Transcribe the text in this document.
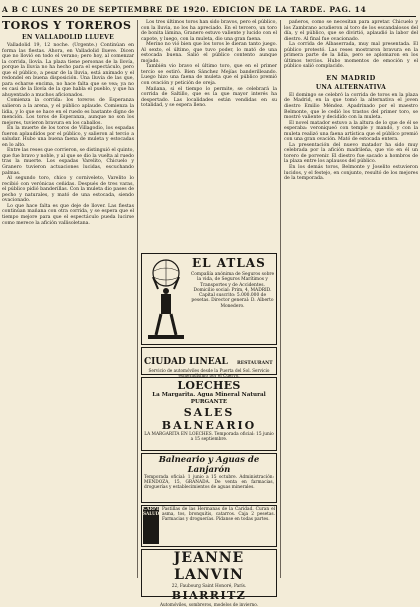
A B C LUNES 20 DE SEPTIEMBRE DE 1920. EDICION DE LA TARDE. PAG. 14
TOROS Y TOREROS
EN VALLADOLID LLUEVE

Valladolid 19, 12 noche. (Urgente.) Continúan en forma las fiestas. Ahora, en Valladolid llueve. Dicen que no llovió en todo el verano; pero hoy, al comenzar la corrida, llovía. La plaza tiene personas de la llovía, porque la lluvia no ha hecho para el espectáculo, pero que el público, a pesar de la lluvia, está animado y el redondel en buena disposición. Una lluvia de las que, para echarse encima, no hace falta que se vea; ya no es casi de la llovía de la que habla el pueblo, y que ha ahuyentado a muchos aficionados.

Comienza la corrida: los toreros de Esperanza salieron a la arena, y el público aplaude. Comienza la lidia, y lo que se hace en el ruedo es bastante digno de mención. Los toros de Esperanza, aunque no son los mejores, tuvieron bravura en los caballos.

En la muerte de los toros de Villagodio, los espadas fueron aplaudidos por el público, y salieron al tercio a saludar. Hubo una buena faena de muleta y estocadas en lo alto.

Entre las reses que corrieron, se distinguió el quinto, que fue bravo y noble, y al que se dio la vuelta al ruedo tras la muerte. Los espadas Varelito, Chicuelo y Granero tuvieron actuaciones lucidas, escuchando palmas.

Al segundo toro, chico y corniveleto, Varelito lo recibió con verónicas ceñidas. Después de tres varas, el público pidió banderillas. Con la muleta dio pases de pecho y naturales, y mató de una estocada, siendo ovacionado.

Lo que hace falta es que deje de llover. Las fiestas continúan mañana con otra corrida, y se espera que el tiempo mejore para que el espectáculo pueda lucirse como merece la afición vallisoletana.

Los tres últimos toros han sido bravos, pero el público, con la lluvia, no los ha apreciado. En el tercero, un toro de bonita lámina, Granero estuvo valiente y lucido con el capote, y luego, con la muleta, dio una gran faena.

Merino no vió bien que los toros le dieran tanto juego. Al sexto, el último, que tuvo poder, lo mató de una estocada buena. Salió el público contento aunque mojado.

También vio bravo el último toro, que en el primer tercio se estiró. Bien Sánchez Mejías banderilleando. Luego hizo una faena de muleta que el público premió con ovación y petición de oreja.

Mañana, si el tiempo lo permite, se celebrará la corrida de Saltillo, que es la que mayor interés ha despertado. Las localidades están vendidas en su totalidad, y se espera lleno.

EL ATLAS
Compañía anónima de Seguros sobre la vida, de Seguros Marítimos y Transportes y de Accidentes. Domicilio social: Prim, 4, MADRID. Capital suscrito: 5.000.000 de pesetas. Director general: D. Alberto Monedero.
CIUDAD LINEAL RESTAURANT
Servicio de automóviles desde la Puerta del Sol. Servicio esmeradísimo por el Cuervo.
LOECHES
La Margarita. Agua Mineral Natural PURGANTE
SALES
BALNEARIO
LA MARGARITA EN LOECHES. Temporada oficial: 15 junio a 15 septiembre.
Balneario y Aguas de Lanjarón
Temporada oficial: 1 junio a 15 octubre. Administración: MENDOZA, 15, GRANADA. De venta en farmacias, droguerías y establecimientos de aguas minerales.
CARPINTER SALUD
Pastillas de las Hermanas de la Caridad. Curan el asma, tos, bronquitis, catarros. Caja 2 pesetas. Farmacias y droguerías. Pídanse en todas partes.
JEANNE LANVIN
22, Faubourg Saint Honoré, París.
BIARRITZ
Automóviles, sombreros, modelos de invierno.

pañeros, como se necesitan para apretar. Chicuelo y los Zambrano acudieron al toro de los escandalosos del día, y el público, que se divirtió, aplaudió la labor del diestro. Al final fue ovacionado.

La corrida de Albaserrada, muy mal presentada. El público protestó. Las reses mostraron bravura en la primera parte de la lidia, pero se aplomaron en los últimos tercios. Hubo momentos de emoción y el público salió complacido.

EN MADRID
UNA ALTERNATIVA

El domingo se celebró la corrida de toros en la plaza de Madrid, en la que tomó la alternativa el joven diestro Emilio Méndez. Apadrinado por el maestro Belmonte, que le cedió los trastos del primer toro, se mostró valiente y decidido con la muleta.

El novel matador estuvo a la altura de lo que de él se esperaba: veroniqueó con temple y mandó, y con la muleta realizó una faena artística que el público premió con una gran ovación. Mató de estocada entera.

La presentación del nuevo matador ha sido muy celebrada por la afición madrileña, que vio en él un torero de porvenir. El diestro fue sacado a hombros de la plaza entre los aplausos del público.

En los demás toros, Belmonte y Joselito estuvieron lucidos, y el festejo, en conjunto, resultó de los mejores de la temporada.
